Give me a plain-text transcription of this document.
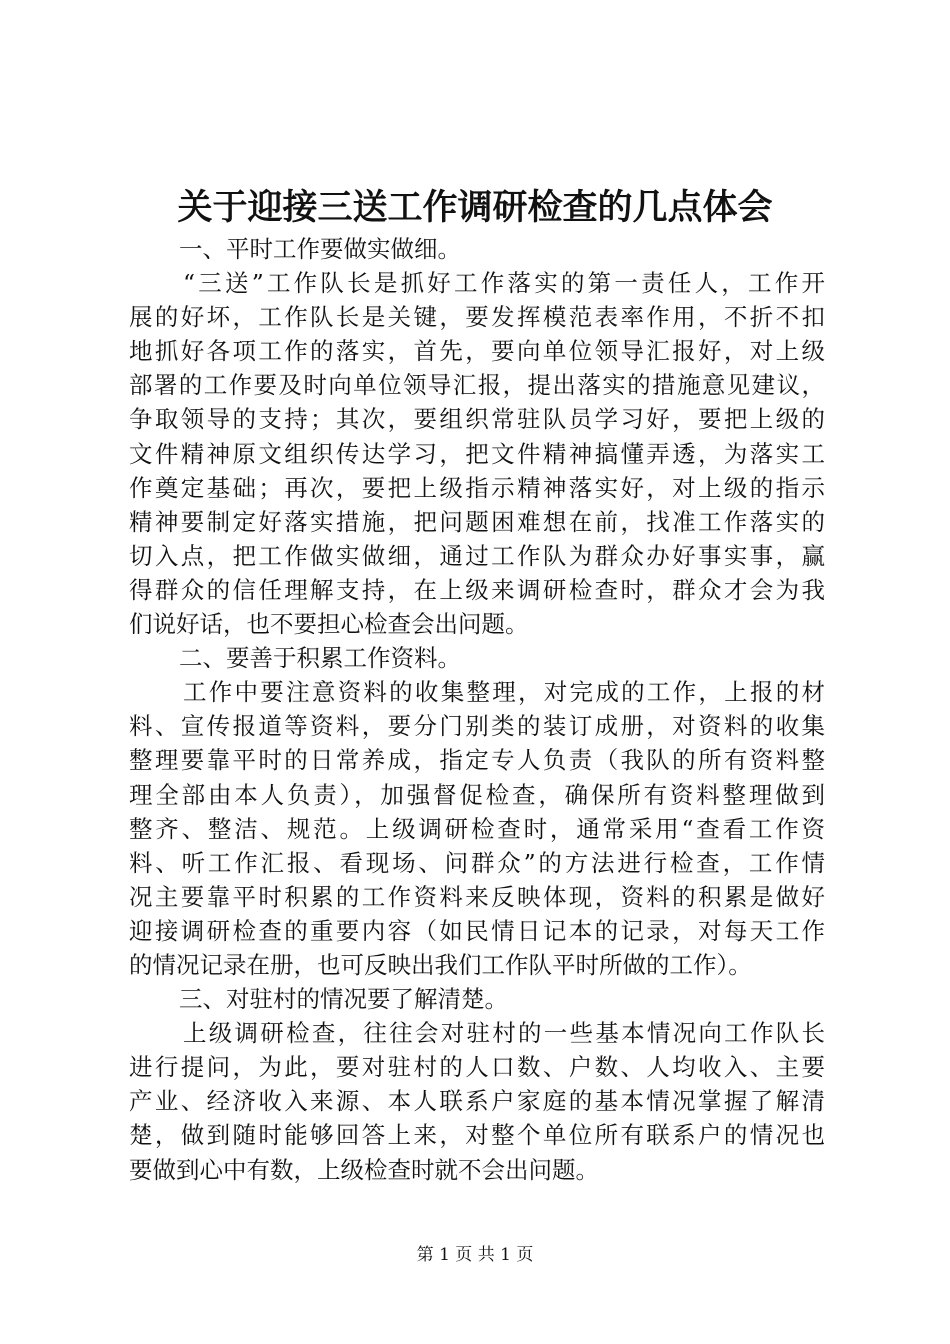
关于迎接三送工作调研检查的几点体会
一、平时工作要做实做细。
“三送”工作队长是抓好工作落实的第一责任人，工作开
展的好坏，工作队长是关键，要发挥模范表率作用，不折不扣
地抓好各项工作的落实，首先，要向单位领导汇报好，对上级
部署的工作要及时向单位领导汇报，提出落实的措施意见建议，
争取领导的支持；其次，要组织常驻队员学习好，要把上级的
文件精神原文组织传达学习，把文件精神搞懂弄透，为落实工
作奠定基础；再次，要把上级指示精神落实好，对上级的指示
精神要制定好落实措施，把问题困难想在前，找准工作落实的
切入点，把工作做实做细，通过工作队为群众办好事实事，赢
得群众的信任理解支持，在上级来调研检查时，群众才会为我
们说好话，也不要担心检查会出问题。
二、要善于积累工作资料。
工作中要注意资料的收集整理，对完成的工作，上报的材
料、宣传报道等资料，要分门别类的装订成册，对资料的收集
整理要靠平时的日常养成，指定专人负责（我队的所有资料整
理全部由本人负责），加强督促检查，确保所有资料整理做到
整齐、整洁、规范。上级调研检查时，通常采用“查看工作资
料、听工作汇报、看现场、问群众”的方法进行检查，工作情
况主要靠平时积累的工作资料来反映体现，资料的积累是做好
迎接调研检查的重要内容（如民情日记本的记录，对每天工作
的情况记录在册，也可反映出我们工作队平时所做的工作）。
三、对驻村的情况要了解清楚。
上级调研检查，往往会对驻村的一些基本情况向工作队长
进行提问，为此，要对驻村的人口数、户数、人均收入、主要
产业、经济收入来源、本人联系户家庭的基本情况掌握了解清
楚，做到随时能够回答上来，对整个单位所有联系户的情况也
要做到心中有数，上级检查时就不会出问题。
第 1 页 共 1 页
